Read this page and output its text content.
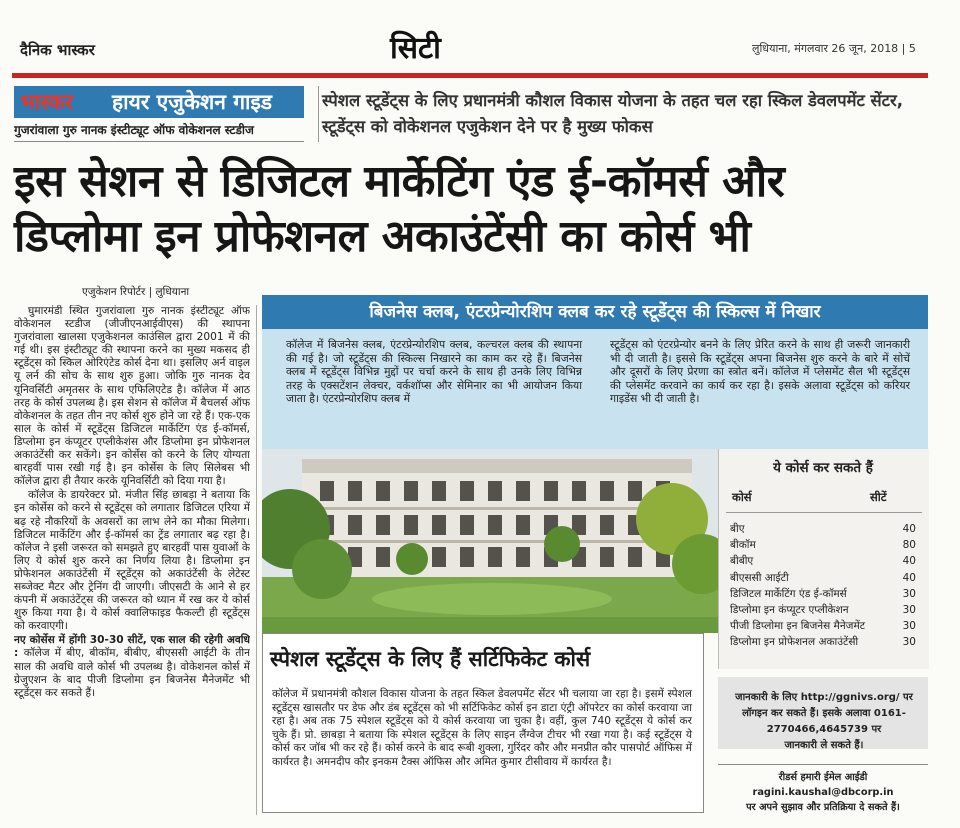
दैनिक भास्कर	सिटी	लुधियाना, मंगलवार 26 जून, 2018 | 5
भास्कर हायर एजुकेशन गाइड
गुजरांवाला गुरु नानक इंस्टीट्यूट ऑफ वोकेशनल स्टडीज
स्पेशल स्टूडेंट्स के लिए प्रधानमंत्री कौशल विकास योजना के तहत चल रहा स्किल डेवलपमेंट सेंटर, स्टूडेंट्स को वोकेशनल एजुकेशन देने पर है मुख्य फोकस
इस सेशन से डिजिटल मार्केटिंग एंड ई-कॉमर्स और
डिप्लोमा इन प्रोफेशनल अकाउंटेंसी का कोर्स भी
एजुकेशन रिपोर्टर | लुधियाना

घुमारमंडी स्थित गुजरांवाला गुरु नानक इंस्टीट्यूट ऑफ वोकेशनल स्टडीज (जीजीएनआईवीएस) की स्थापना गुजरांवाला खालसा एजुकेशनल काउंसिल द्वारा 2001 में की गई थी। इस इंस्टीट्यूट की स्थापना करने का मुख्य मकसद ही स्टूडेंट्स को स्किल ओरिएंटेड कोर्स देना था। इसलिए अर्न वाइल यू लर्न की सोच के साथ शुरु हुआ। जोकि गुरु नानक देव यूनिवर्सिटी अमृतसर के साथ एफिलिएटेड है। कॉलेज में आठ तरह के कोर्स उपलब्ध है। इस सेशन से कॉलेज में बैचलर्स ऑफ वोकेशनल के तहत तीन नए कोर्स शुरु होने जा रहे हैं। एक-एक साल के कोर्स में स्टूडेंट्स डिजिटल मार्केटिंग एंड ई-कॉमर्स, डिप्लोमा इन कंप्यूटर एप्लीकेशंस और डिप्लोमा इन प्रोफेशनल अकाउंटेंसी कर सकेंगे। इन कोर्सेस को करने के लिए योग्यता बारहवीं पास रखी गई है। इन कोर्सेस के लिए सिलेबस भी कॉलेज द्वारा ही तैयार करके यूनिवर्सिटी को दिया गया है।

कॉलेज के डायरेक्टर प्रो. मंजीत सिंह छाबड़ा ने बताया कि इन कोर्सेस को करने से स्टूडेंट्स को लगातार डिजिटल एरिया में बढ़ रहे नौकरियों के अवसरों का लाभ लेने का मौका मिलेगा। डिजिटल मार्केटिंग और ई-कॉमर्स का ट्रेंड लगातार बढ़ रहा है। कॉलेज ने इसी जरूरत को समझते हुए बारहवीं पास युवाओं के लिए ये कोर्स शुरु करने का निर्णय लिया है। डिप्लोमा इन प्रोफेशनल अकाउंटेंसी में स्टूडेंट्स को अकाउंटेंसी के लेटेस्ट सब्जेक्ट मैटर और ट्रेनिंग दी जाएगी। जीएसटी के आने से हर कंपनी में अकाउंटेंट्स की जरूरत को ध्यान में रख कर ये कोर्स शुरु किया गया है। ये कोर्स क्वालिफाइड फैकल्टी ही स्टूडेंट्स को करवाएगी।

नए कोर्सेस में होंगी 30-30 सीटें, एक साल की रहेगी अवधि : कॉलेज में बीए, बीकॉम, बीबीए, बीएससी आईटी के तीन साल की अवधि वाले कोर्स भी उपलब्ध है। वोकेशनल कोर्स में ग्रेजुएशन के बाद पीजी डिप्लोमा इन बिजनेस मैनेजमेंट भी स्टूडेंट्स कर सकते हैं।

बिजनेस क्लब, एंटरप्रेन्योरशिप क्लब कर रहे स्टूडेंट्स की स्किल्स में निखार
कॉलेज में बिजनेस क्लब, एंटरप्रेन्योरशिप क्लब, कल्चरल क्लब की स्थापना की गई है। जो स्टूडेंट्स की स्किल्स निखारने का काम कर रहे हैं। बिजनेस क्लब में स्टूडेंट्स विभिन्न मुद्दों पर चर्चा करने के साथ ही उनके लिए विभिन्न तरह के एक्सटेंशन लेक्चर, वर्कशॉप्स और सेमिनार का भी आयोजन किया जाता है। एंटरप्रेन्योरशिप क्लब में
स्टूडेंट्स को एंटरप्रेन्योर बनने के लिए प्रेरित करने के साथ ही जरूरी जानकारी भी दी जाती है। इससे कि स्टूडेंट्स अपना बिजनेस शुरु करने के बारे में सोचें और दूसरों के लिए प्रेरणा का स्त्रोत बनें। कॉलेज में प्लेसमेंट सैल भी स्टूडेंट्स की प्लेसमेंट करवाने का कार्य कर रहा है। इसके अलावा स्टूडेंट्स को करियर गाइडेंस भी दी जाती है।
ये कोर्स कर सकते हैं
कोर्स	सीटें
बीए	40
बीकॉम	80
बीबीए	40
बीएससी आईटी	40
डिजिटल मार्केटिंग एंड ई-कॉमर्स	30
डिप्लोमा इन कंप्यूटर एप्लीकेशन	30
पीजी डिप्लोमा इन बिजनेस मैनेजमेंट	30
डिप्लोमा इन प्रोफेशनल अकाउंटेंसी	30
स्पेशल स्टूडेंट्स के लिए हैं सर्टिफिकेट कोर्स
कॉलेज में प्रधानमंत्री कौशल विकास योजना के तहत स्किल डेवलपमेंट सेंटर भी चलाया जा रहा है। इसमें स्पेशल स्टूडेंट्स खासतौर पर डेफ और डंब स्टूडेंट्स को भी सर्टिफिकेट कोर्स इन डाटा एंट्री ऑपरेटर का कोर्स करवाया जा रहा है। अब तक 75 स्पेशल स्टूडेंट्स को ये कोर्स करवाया जा चुका है। वहीं, कुल 740 स्टूडेंट्स ये कोर्स कर चुके हैं। प्रो. छाबड़ा ने बताया कि स्पेशल स्टूडेंट्स के लिए साइन लैंग्वेज टीचर भी रखा गया है। कई स्टूडेंट्स ये कोर्स कर जॉब भी कर रहे हैं। कोर्स करने के बाद रूबी शुक्ला, गुरिंदर कौर और मनप्रीत कौर पासपोर्ट ऑफिस में कार्यरत है। अमनदीप कौर इनकम टैक्स ऑफिस और अमित कुमार टीसीवाय में कार्यरत है।
जानकारी के लिए http://ggnivs.org/ पर
लॉगइन कर सकते हैं। इसके अलावा 0161-
2770466,4645739 पर
जानकारी ले सकते हैं।
रीडर्स हमारी ईमेल आईडी ragini.kaushal@dbcorp.in
पर अपने सुझाव और प्रतिक्रिया दे सकते हैं।
